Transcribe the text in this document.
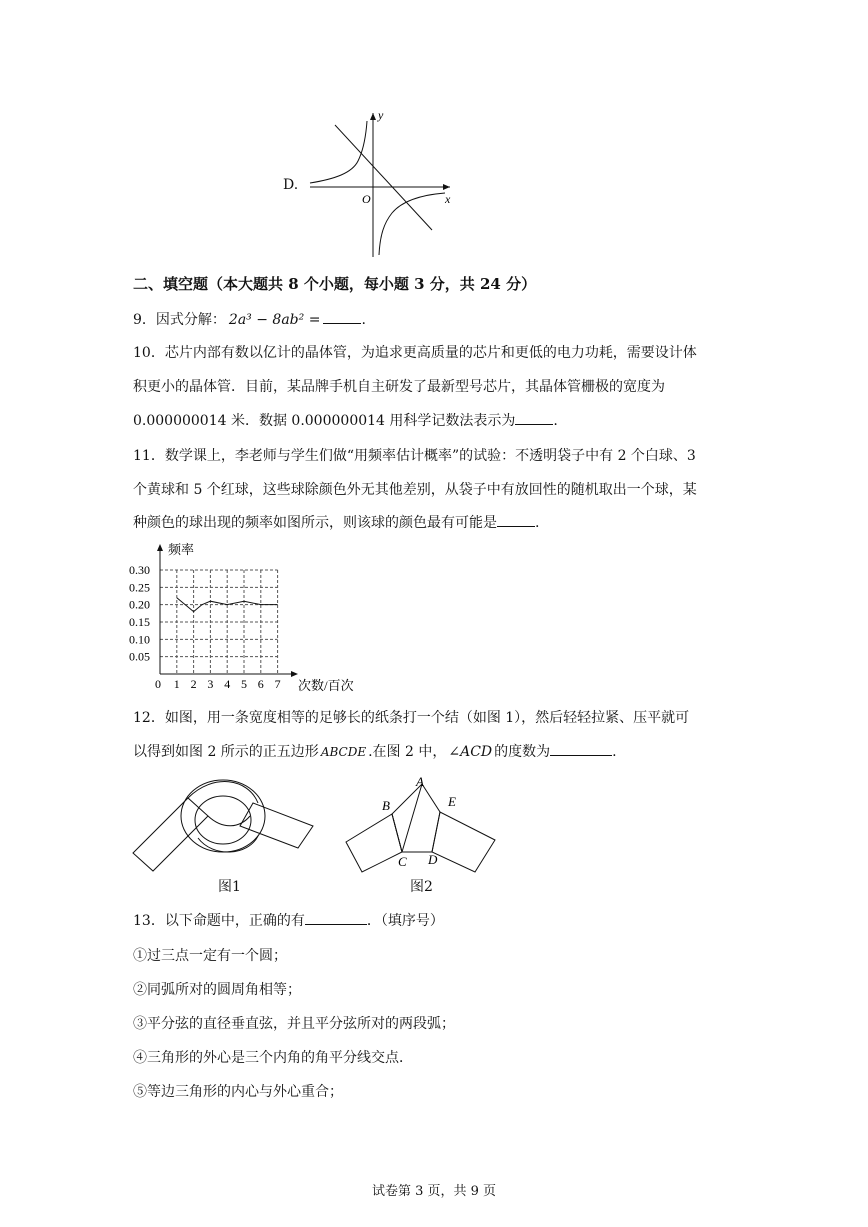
D.
O	x
y
二、填空题（本大题共 8 个小题，每小题 3 分，共 24 分）
9．因式分解： 2a³ − 8ab² =	.
10．芯片内部有数以亿计的晶体管，为追求更高质量的芯片和更低的电力功耗，需要设计体
积更小的晶体管．目前，某品牌手机自主研发了最新型号芯片，其晶体管栅极的宽度为
0.000000014 米．数据 0.000000014 用科学记数法表示为	.
11．数学课上，李老师与学生们做“用频率估计概率”的试验：不透明袋子中有 2 个白球、3
个黄球和 5 个红球，这些球除颜色外无其他差别，从袋子中有放回性的随机取出一个球，某
种颜色的球出现的频率如图所示，则该球的颜色最有可能是	.
频率
次数/百次
0 1 2 3 4 5 6 7
0.05
0.10
0.15
0.20
0.25
0.30
12．如图，用一条宽度相等的足够长的纸条打一个结（如图 1），然后轻轻拉紧、压平就可
以得到如图 2 所示的正五边形 ABCDE .在图 2 中， ∠ACD 的度数为	.
图1
A
B
C D
E
图2
13．以下命题中，正确的有	．（填序号）
①过三点一定有一个圆；
②同弧所对的圆周角相等；
③平分弦的直径垂直弦，并且平分弦所对的两段弧；
④三角形的外心是三个内角的角平分线交点．
⑤等边三角形的内心与外心重合；
试卷第 3 页，共 9 页
